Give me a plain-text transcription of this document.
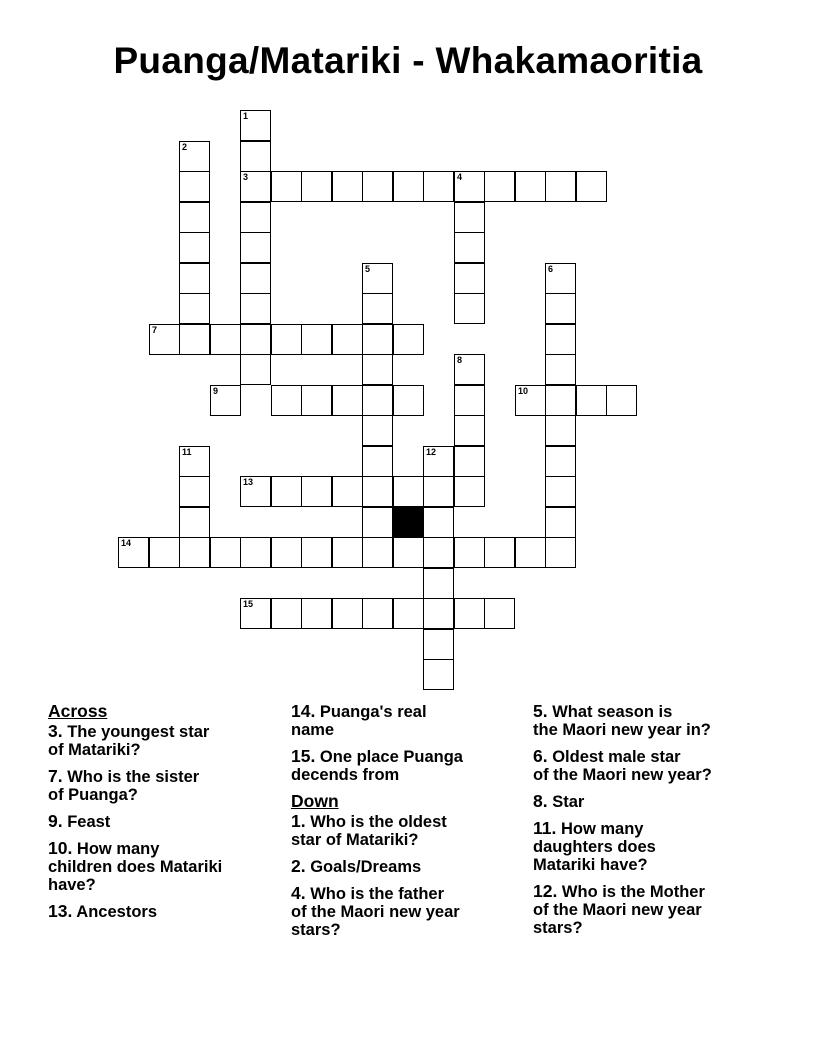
Puanga/Matariki - Whakamaoritia
1
3
2
4
5	6
7
8
9	10
11	12
13
14
15
Across
3. The youngest star
of Matariki?
7. Who is the sister
of Puanga?
9. Feast
10. How many
children does Matariki
have?
13. Ancestors
14. Puanga's real
name
15. One place Puanga
decends from
Down
1. Who is the oldest
star of Matariki?
2. Goals/Dreams
4. Who is the father
of the Maori new year
stars?
5. What season is
the Maori new year in?
6. Oldest male star
of the Maori new year?
8. Star
11. How many
daughters does
Matariki have?
12. Who is the Mother
of the Maori new year
stars?
